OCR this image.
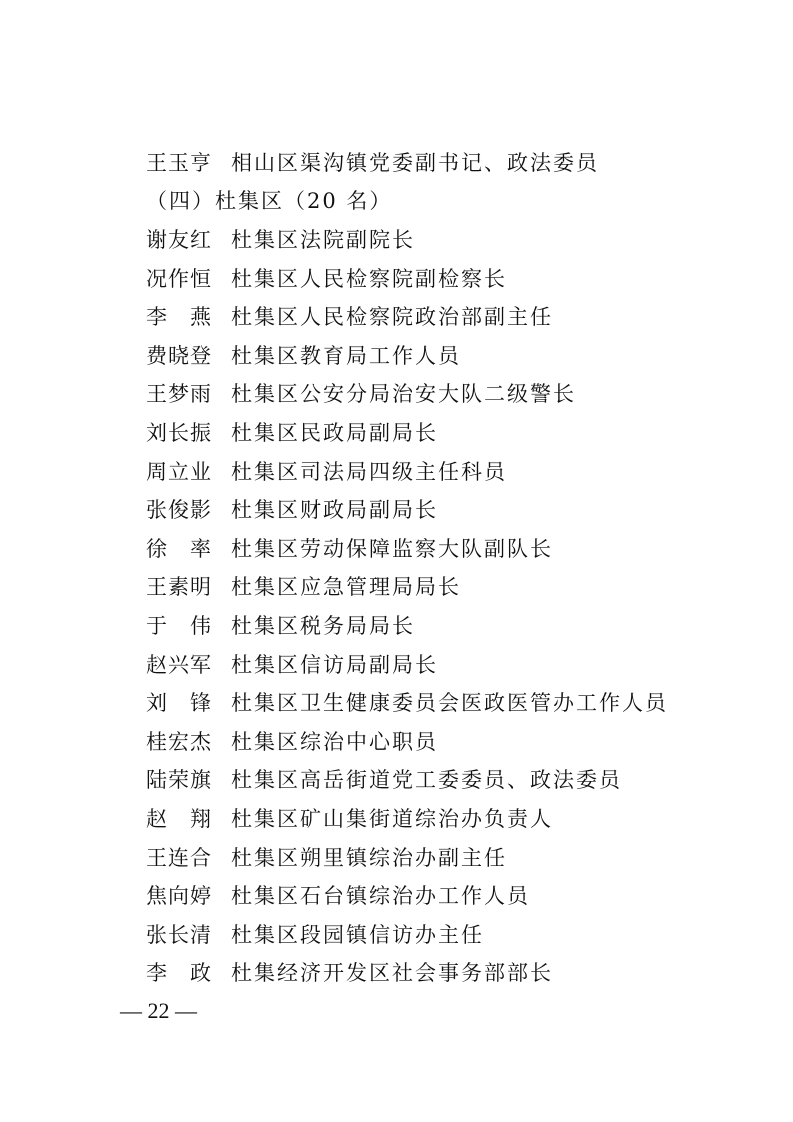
王玉亨 相山区渠沟镇党委副书记、政法委员
（四）杜集区（20 名）
谢友红 杜集区法院副院长
况作恒 杜集区人民检察院副检察长
李 燕 杜集区人民检察院政治部副主任
费晓登 杜集区教育局工作人员
王梦雨 杜集区公安分局治安大队二级警长
刘长振 杜集区民政局副局长
周立业 杜集区司法局四级主任科员
张俊影 杜集区财政局副局长
徐 率 杜集区劳动保障监察大队副队长
王素明 杜集区应急管理局局长
于 伟 杜集区税务局局长
赵兴军 杜集区信访局副局长
刘 锋 杜集区卫生健康委员会医政医管办工作人员
桂宏杰 杜集区综治中心职员
陆荣旗 杜集区高岳街道党工委委员、政法委员
赵 翔 杜集区矿山集街道综治办负责人
王连合 杜集区朔里镇综治办副主任
焦向婷 杜集区石台镇综治办工作人员
张长清 杜集区段园镇信访办主任
李 政 杜集经济开发区社会事务部部长
— 22 —
